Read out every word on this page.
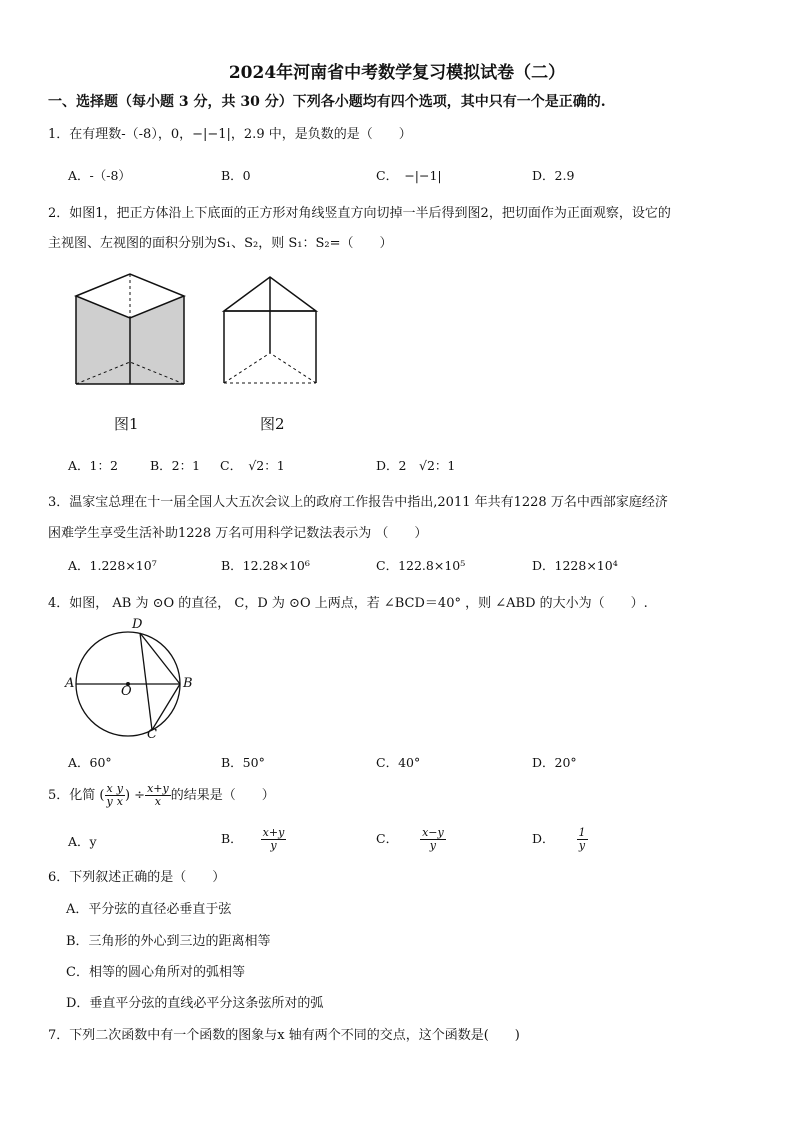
2024年河南省中考数学复习模拟试卷（二）
一、选择题（每小题 3 分，共 30 分）下列各小题均有四个选项，其中只有一个是正确的.
1．在有理数-（-8），0，−|−1|，2.9 中，是负数的是（　　）
A．-（-8）	B．0	C．　−|−1|	D．2.9
2．如图1，把正方体沿上下底面的正方形对角线竖直方向切掉一半后得到图2，把切面作为正面观察，设它的
主视图、左视图的面积分别为S₁、S₂，则 S₁：S₂=（　　）
图1	图2
A．1：2	B．2：1 C．　√2：1	D．2　√2：1
3．温家宝总理在十一届全国人大五次会议上的政府工作报告中指出,2011 年共有1228 万名中西部家庭经济
困难学生享受生活补助1228 万名可用科学记数法表示为 （　　）
A．1.228×10⁷	B．12.28×10⁶	C．122.8×10⁵	D．1228×10⁴
4．如图， AB 为 ⊙O 的直径， C，D 为 ⊙O 上两点，若 ∠BCD＝40° ，则 ∠ABD 的大小为（　　）.
A	B
C
D
O
A．60°	B．50°	C．40°	D．20°
5．化简 ( $\frac{x}{y} \frac{y}{x}$ ) ÷ $\frac{x+y}{x}$ 的结果是（　　）
A．y	B． $\frac{x+y}{y}$	C． $\frac{x-y}{y}$	D． $\frac{1}{y}$
6．下列叙述正确的是（　　）
A．平分弦的直径必垂直于弦
B．三角形的外心到三边的距离相等
C．相等的圆心角所对的弧相等
D．垂直平分弦的直线必平分这条弦所对的弧
7．下列二次函数中有一个函数的图象与x 轴有两个不同的交点，这个函数是(　　)
